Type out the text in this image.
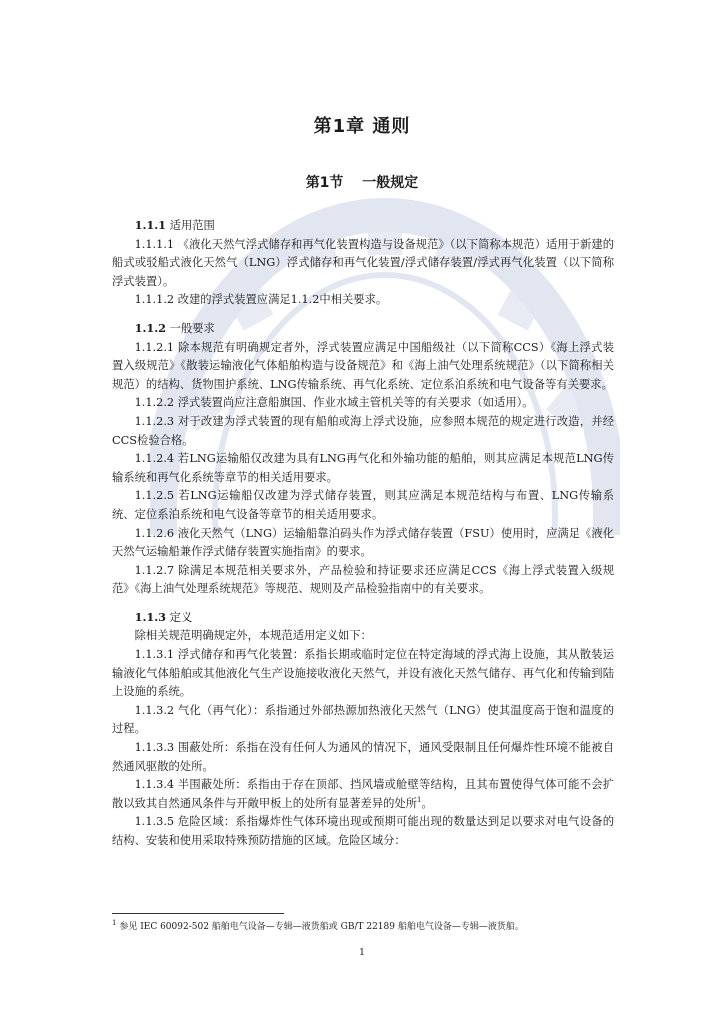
第1章 通则
第1节 一般规定

1.1.1 适用范围

1.1.1.1 《液化天然气浮式储存和再气化装置构造与设备规范》（以下简称本规范）适用于新建的船式或驳船式液化天然气（LNG）浮式储存和再气化装置/浮式储存装置/浮式再气化装置（以下简称浮式装置）。

1.1.1.2 改建的浮式装置应满足1.1.2中相关要求。

1.1.2 一般要求

1.1.2.1 除本规范有明确规定者外，浮式装置应满足中国船级社（以下简称CCS）《海上浮式装置入级规范》《散装运输液化气体船舶构造与设备规范》和《海上油气处理系统规范》（以下简称相关规范）的结构、货物围护系统、LNG传输系统、再气化系统、定位系泊系统和电气设备等有关要求。

1.1.2.2 浮式装置尚应注意船旗国、作业水域主管机关等的有关要求（如适用）。

1.1.2.3 对于改建为浮式装置的现有船舶或海上浮式设施，应参照本规范的规定进行改造，并经CCS检验合格。

1.1.2.4 若LNG运输船仅改建为具有LNG再气化和外输功能的船舶，则其应满足本规范LNG传输系统和再气化系统等章节的相关适用要求。

1.1.2.5 若LNG运输船仅改建为浮式储存装置，则其应满足本规范结构与布置、LNG传输系统、定位系泊系统和电气设备等章节的相关适用要求。

1.1.2.6 液化天然气（LNG）运输船靠泊码头作为浮式储存装置（FSU）使用时，应满足《液化天然气运输船兼作浮式储存装置实施指南》的要求。

1.1.2.7 除满足本规范相关要求外，产品检验和持证要求还应满足CCS《海上浮式装置入级规范》《海上油气处理系统规范》等规范、规则及产品检验指南中的有关要求。

1.1.3 定义

除相关规范明确规定外，本规范适用定义如下：

1.1.3.1 浮式储存和再气化装置：系指长期或临时定位在特定海域的浮式海上设施，其从散装运输液化气体船舶或其他液化气生产设施接收液化天然气，并设有液化天然气储存、再气化和传输到陆上设施的系统。

1.1.3.2 气化（再气化）：系指通过外部热源加热液化天然气（LNG）使其温度高于饱和温度的过程。

1.1.3.3 围蔽处所：系指在没有任何人为通风的情况下，通风受限制且任何爆炸性环境不能被自然通风驱散的处所。

1.1.3.4 半围蔽处所：系指由于存在顶部、挡风墙或舱壁等结构，且其布置使得气体可能不会扩散以致其自然通风条件与开敞甲板上的处所有显著差异的处所$^1$。

1.1.3.5 危险区域：系指爆炸性气体环境出现或预期可能出现的数量达到足以要求对电气设备的结构、安装和使用采取特殊预防措施的区域。危险区域分：

$^1$ 参见 IEC 60092-502 船舶电气设备—专辑—液货船或 GB/T 22189 船舶电气设备—专辑—液货船。
1
